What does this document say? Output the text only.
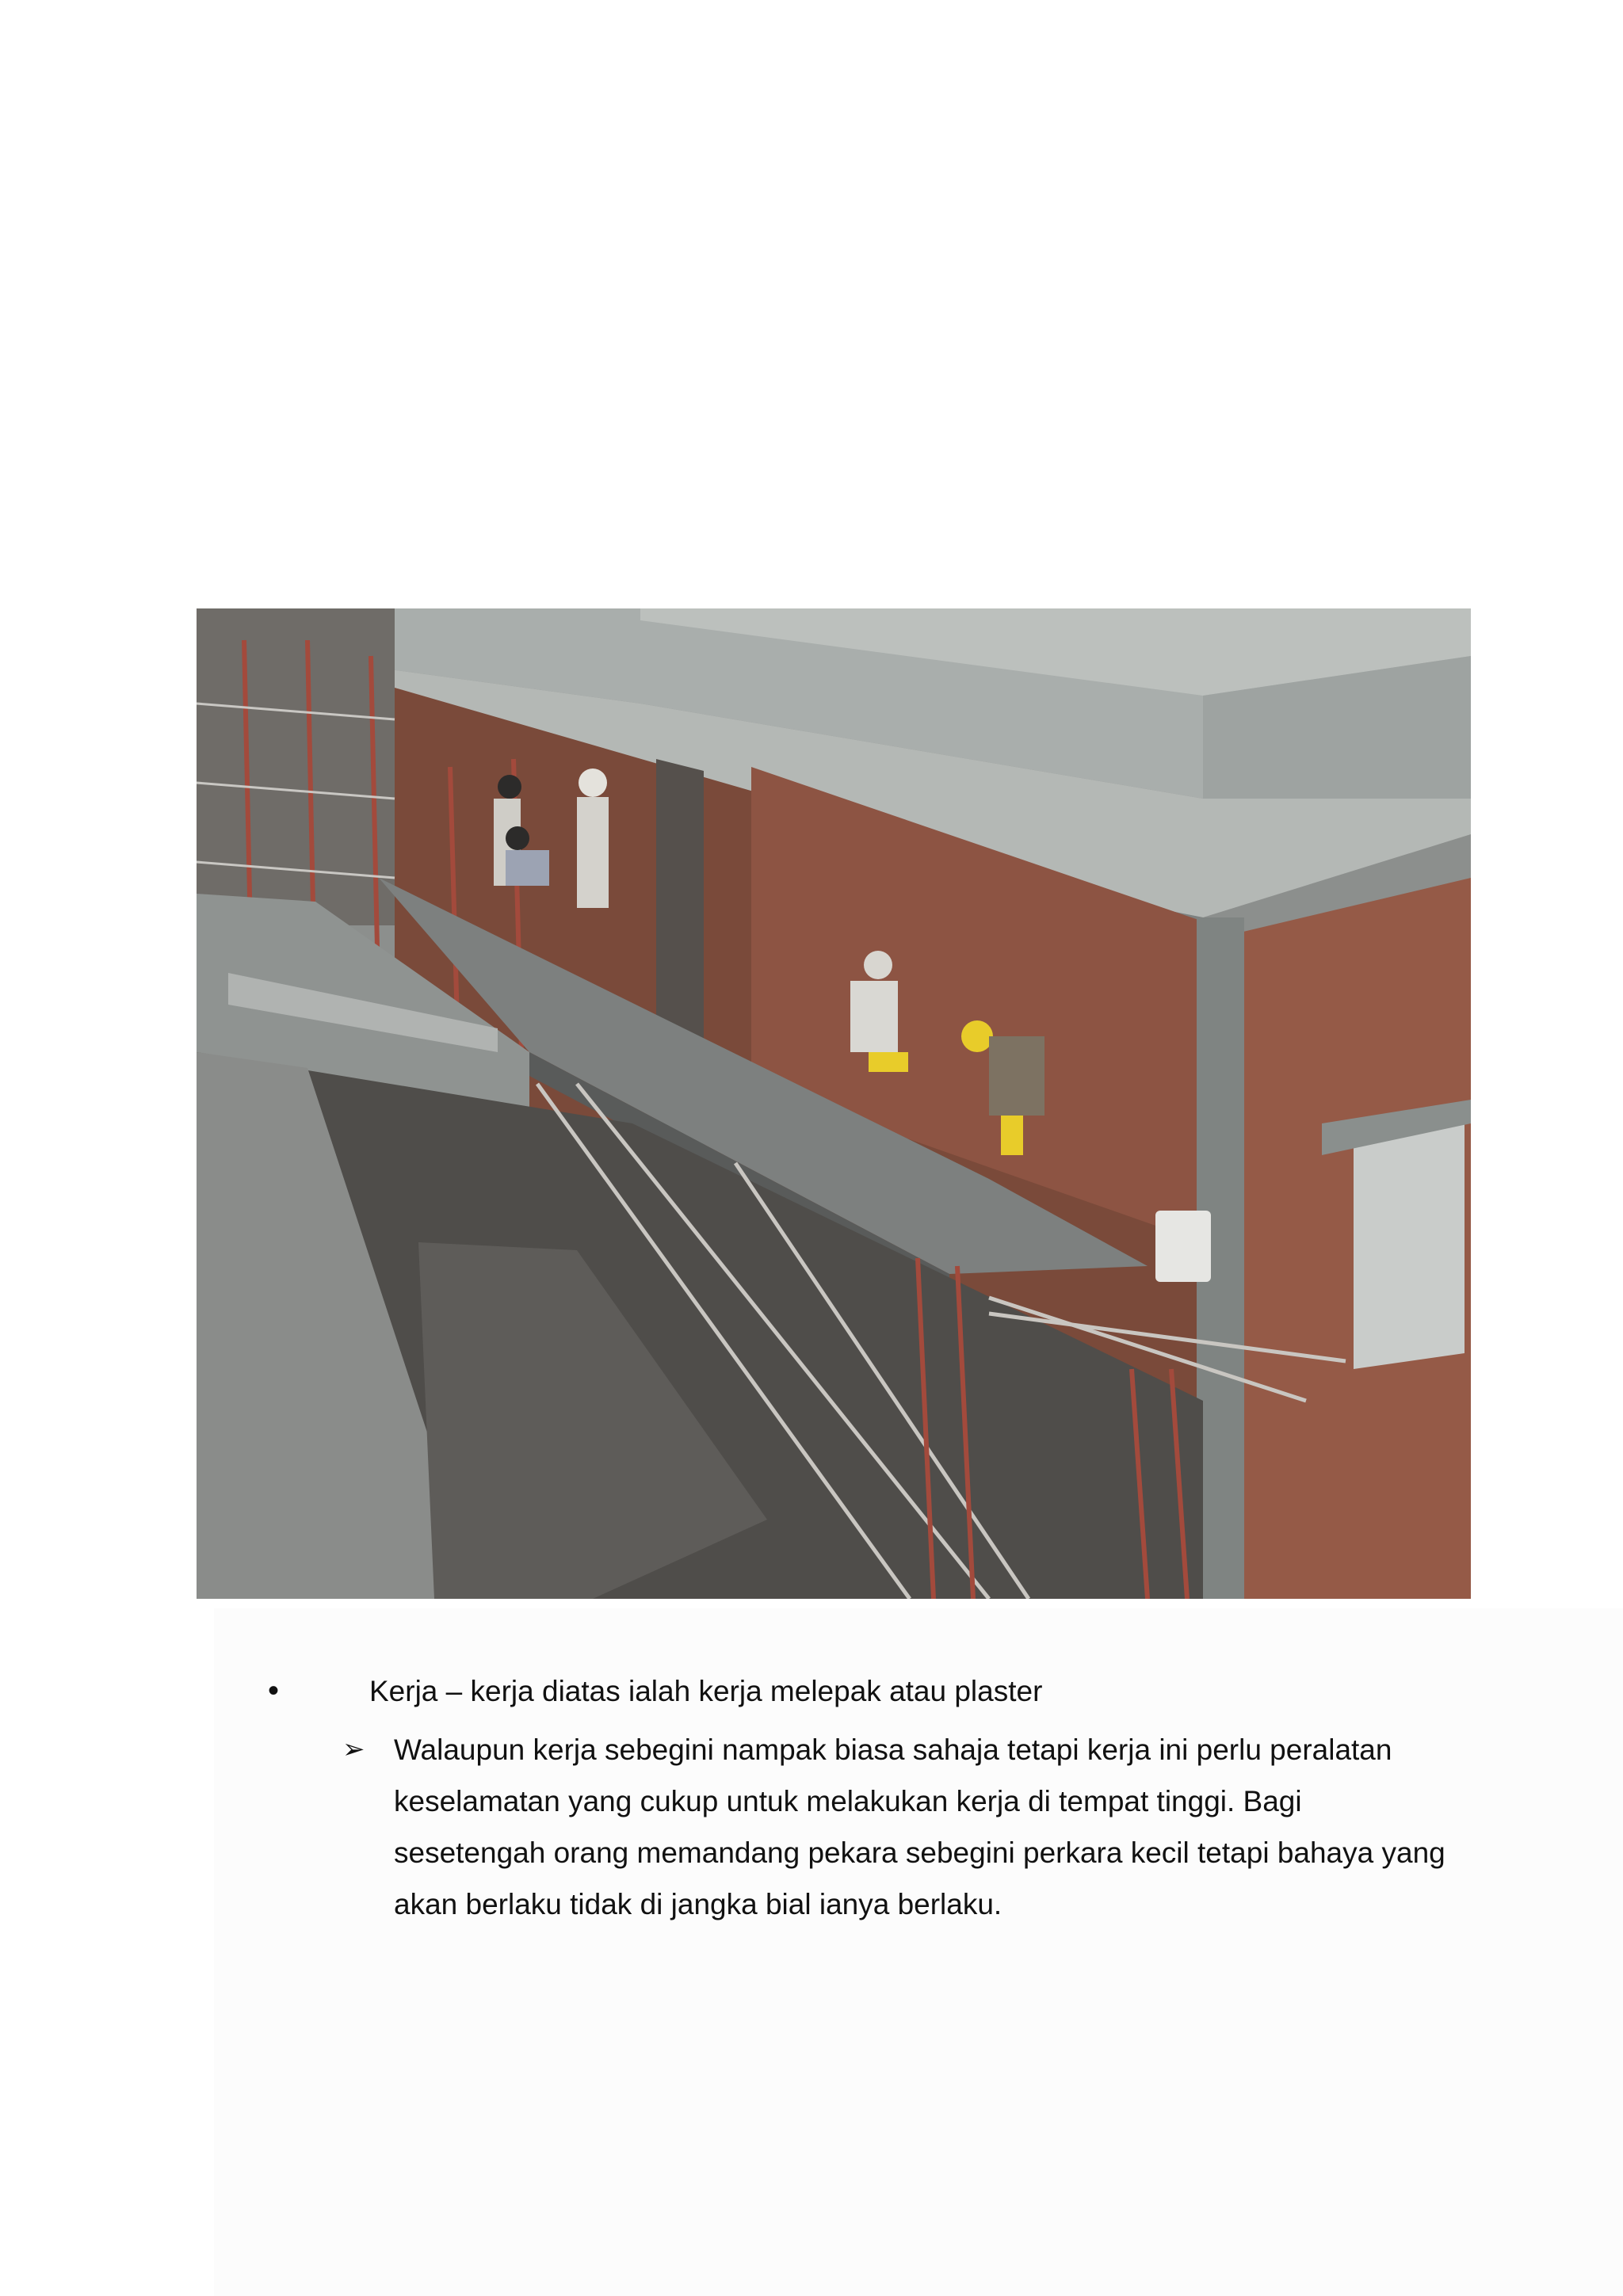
•	Kerja – kerja diatas ialah kerja melepak atau plaster
➢ Walaupun kerja sebegini nampak biasa sahaja tetapi kerja ini perlu peralatan keselamatan yang cukup untuk melakukan kerja di tempat tinggi. Bagi sesetengah orang memandang pekara sebegini perkara kecil tetapi bahaya yang akan berlaku tidak di jangka bial ianya berlaku.
